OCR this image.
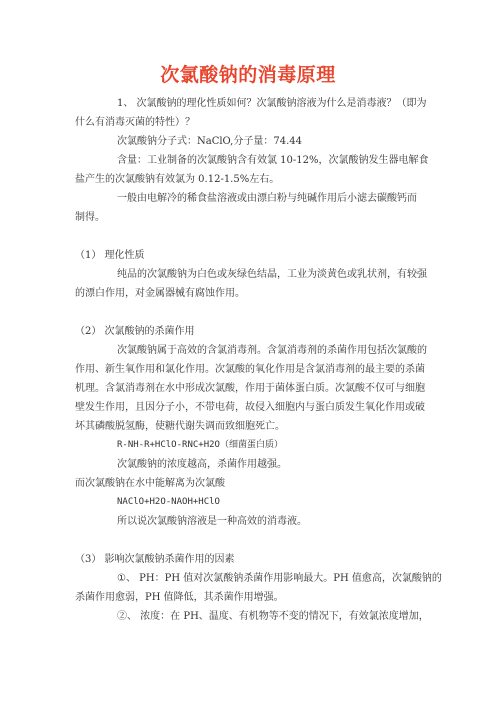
次氯酸钠的消毒原理
1、 次氯酸钠的理化性质如何？次氯酸钠溶液为什么是消毒液？（即为
什么有消毒灭菌的特性）？
次氯酸钠分子式：NaClO,分子量：74.44
含量：工业制备的次氯酸钠含有效氯 10-12%，次氯酸钠发生器电解食
盐产生的次氯酸钠有效氯为 0.12-1.5%左右。
一般由电解冷的稀食盐溶液或由漂白粉与纯碱作用后小滤去碳酸钙而
制得。
（1） 理化性质
纯品的次氯酸钠为白色或灰绿色结晶，工业为淡黄色或乳状剂，有较强
的漂白作用，对金属器械有腐蚀作用。
（2） 次氯酸钠的杀菌作用
次氯酸钠属于高效的含氯消毒剂。含氯消毒剂的杀菌作用包括次氯酸的
作用、新生氧作用和氯化作用。次氯酸的氧化作用是含氯消毒剂的最主要的杀菌
机理。含氯消毒剂在水中形成次氯酸，作用于菌体蛋白质。次氯酸不仅可与细胞
壁发生作用，且因分子小，不带电荷，故侵入细胞内与蛋白质发生氧化作用或破
坏其磷酸脱氢酶，使糖代谢失调而致细胞死亡。
R-NH-R+HClO-RNC+H2O（细菌蛋白质）
次氯酸钠的浓度越高，杀菌作用越强。
而次氯酸钠在水中能解离为次氯酸
NAClO+H2O-NAOH+HClO
所以说次氯酸钠溶液是一种高效的消毒液。
（3） 影响次氯酸钠杀菌作用的因素
①、 PH：PH 值对次氯酸钠杀菌作用影响最大。PH 值愈高，次氯酸钠的
杀菌作用愈弱，PH 值降低，其杀菌作用增强。
②、 浓度：在 PH、温度、有机物等不变的情况下，有效氯浓度增加，
